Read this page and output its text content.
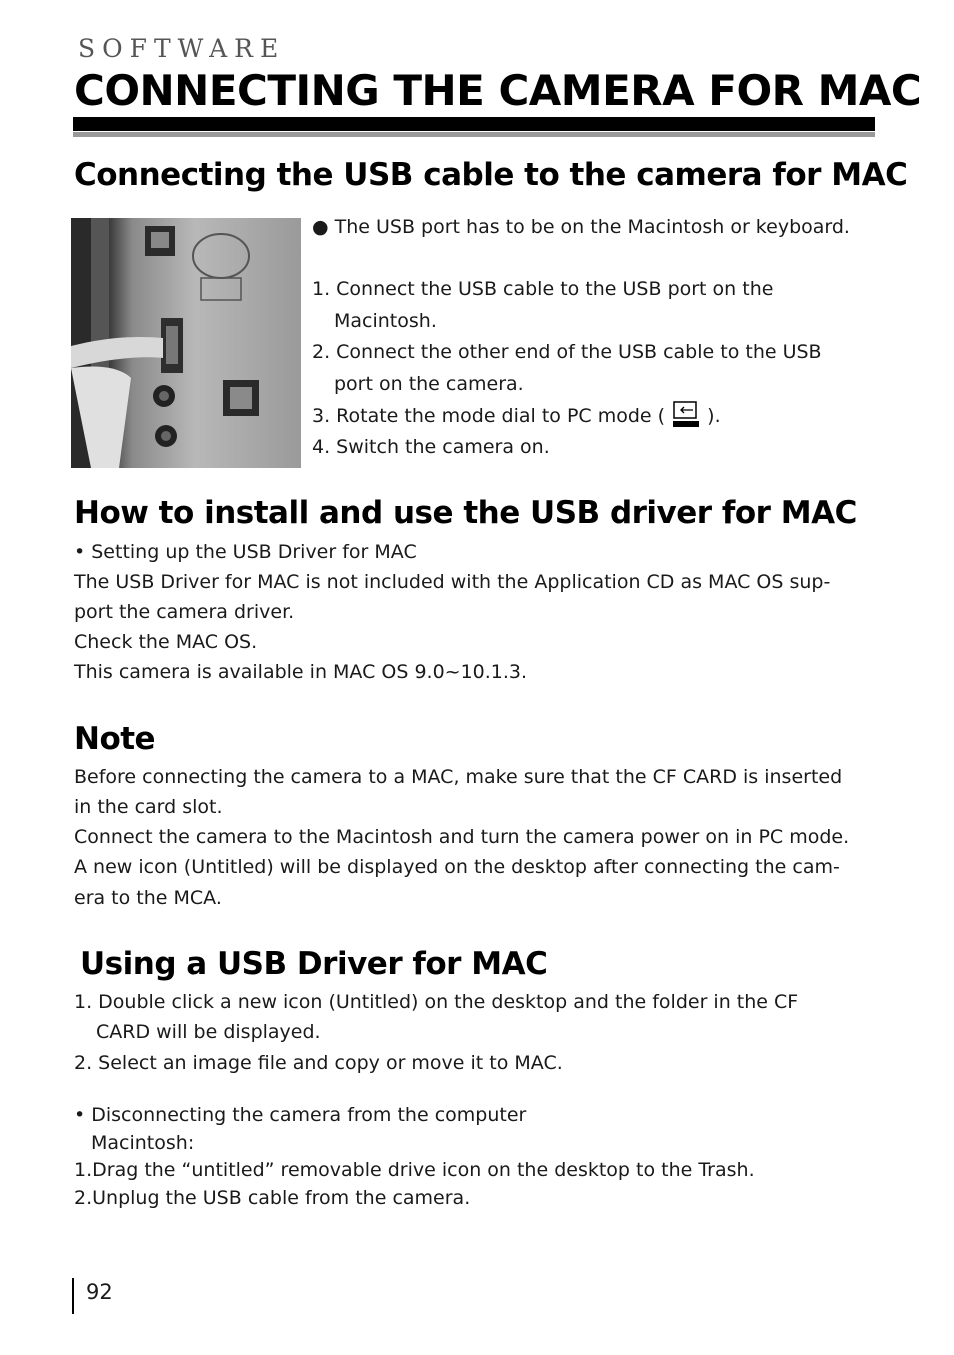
SOFTWARE
CONNECTING THE CAMERA FOR MAC
Connecting the USB cable to the camera for MAC
● The USB port has to be on the Macintosh or keyboard.
1. Connect the USB cable to the USB port on the
Macintosh.
2. Connect the other end of the USB cable to the USB
port on the camera.
3. Rotate the mode dial to PC mode ( ).
4. Switch the camera on.
How to install and use the USB driver for MAC
• Setting up the USB Driver for MAC
The USB Driver for MAC is not included with the Application CD as MAC OS sup-
port the camera driver.
Check the MAC OS.
This camera is available in MAC OS 9.0~10.1.3.
Note
Before connecting the camera to a MAC, make sure that the CF CARD is inserted
in the card slot.
Connect the camera to the Macintosh and turn the camera power on in PC mode.
A new icon (Untitled) will be displayed on the desktop after connecting the cam-
era to the MCA.
Using a USB Driver for MAC
1. Double click a new icon (Untitled) on the desktop and the folder in the CF
CARD will be displayed.
2. Select an image file and copy or move it to MAC.
• Disconnecting the camera from the computer
Macintosh:
1.Drag the “untitled” removable drive icon on the desktop to the Trash.
2.Unplug the USB cable from the camera.
92
